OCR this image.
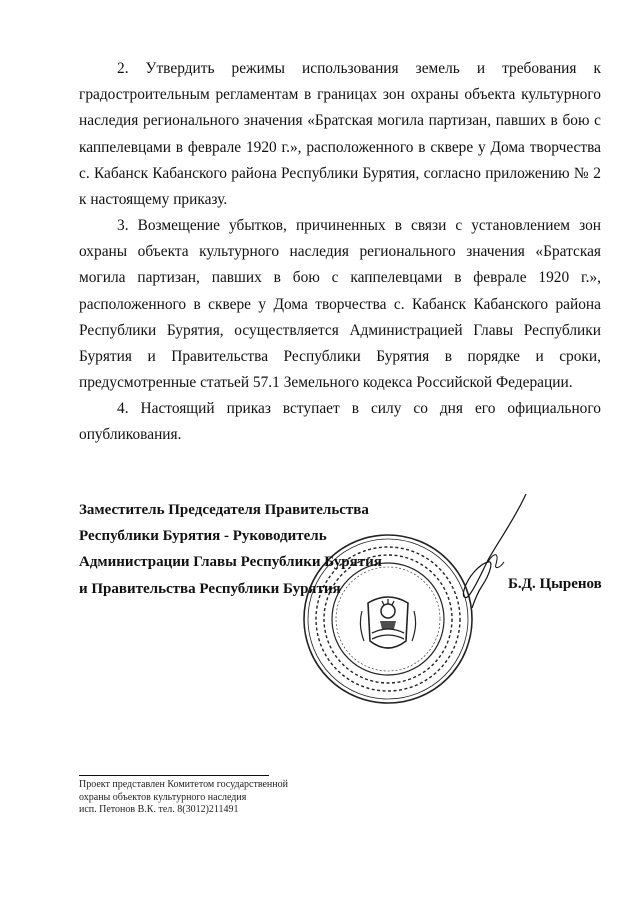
2. Утвердить режимы использования земель и требования к градостроительным регламентам в границах зон охраны объекта культурного наследия регионального значения «Братская могила партизан, павших в бою с каппелевцами в феврале 1920 г.», расположенного в сквере у Дома творчества с. Кабанск Кабанского района Республики Бурятия, согласно приложению № 2 к настоящему приказу.

3. Возмещение убытков, причиненных в связи с установлением зон охраны объекта культурного наследия регионального значения «Братская могила партизан, павших в бою с каппелевцами в феврале 1920 г.», расположенного в сквере у Дома творчества с. Кабанск Кабанского района Республики Бурятия, осуществляется Администрацией Главы Республики Бурятия и Правительства Республики Бурятия в порядке и сроки, предусмотренные статьей 57.1 Земельного кодекса Российской Федерации.

4. Настоящий приказ вступает в силу со дня его официального опубликования.

Заместитель Председателя Правительства
Республики Бурятия - Руководитель
Администрации Главы Республики Бурятия
и Правительства Республики Бурятия	Б.Д. Цыренов
Проект представлен Комитетом государственной
охраны объектов культурного наследия
исп. Петонов В.К. тел. 8(3012)211491
